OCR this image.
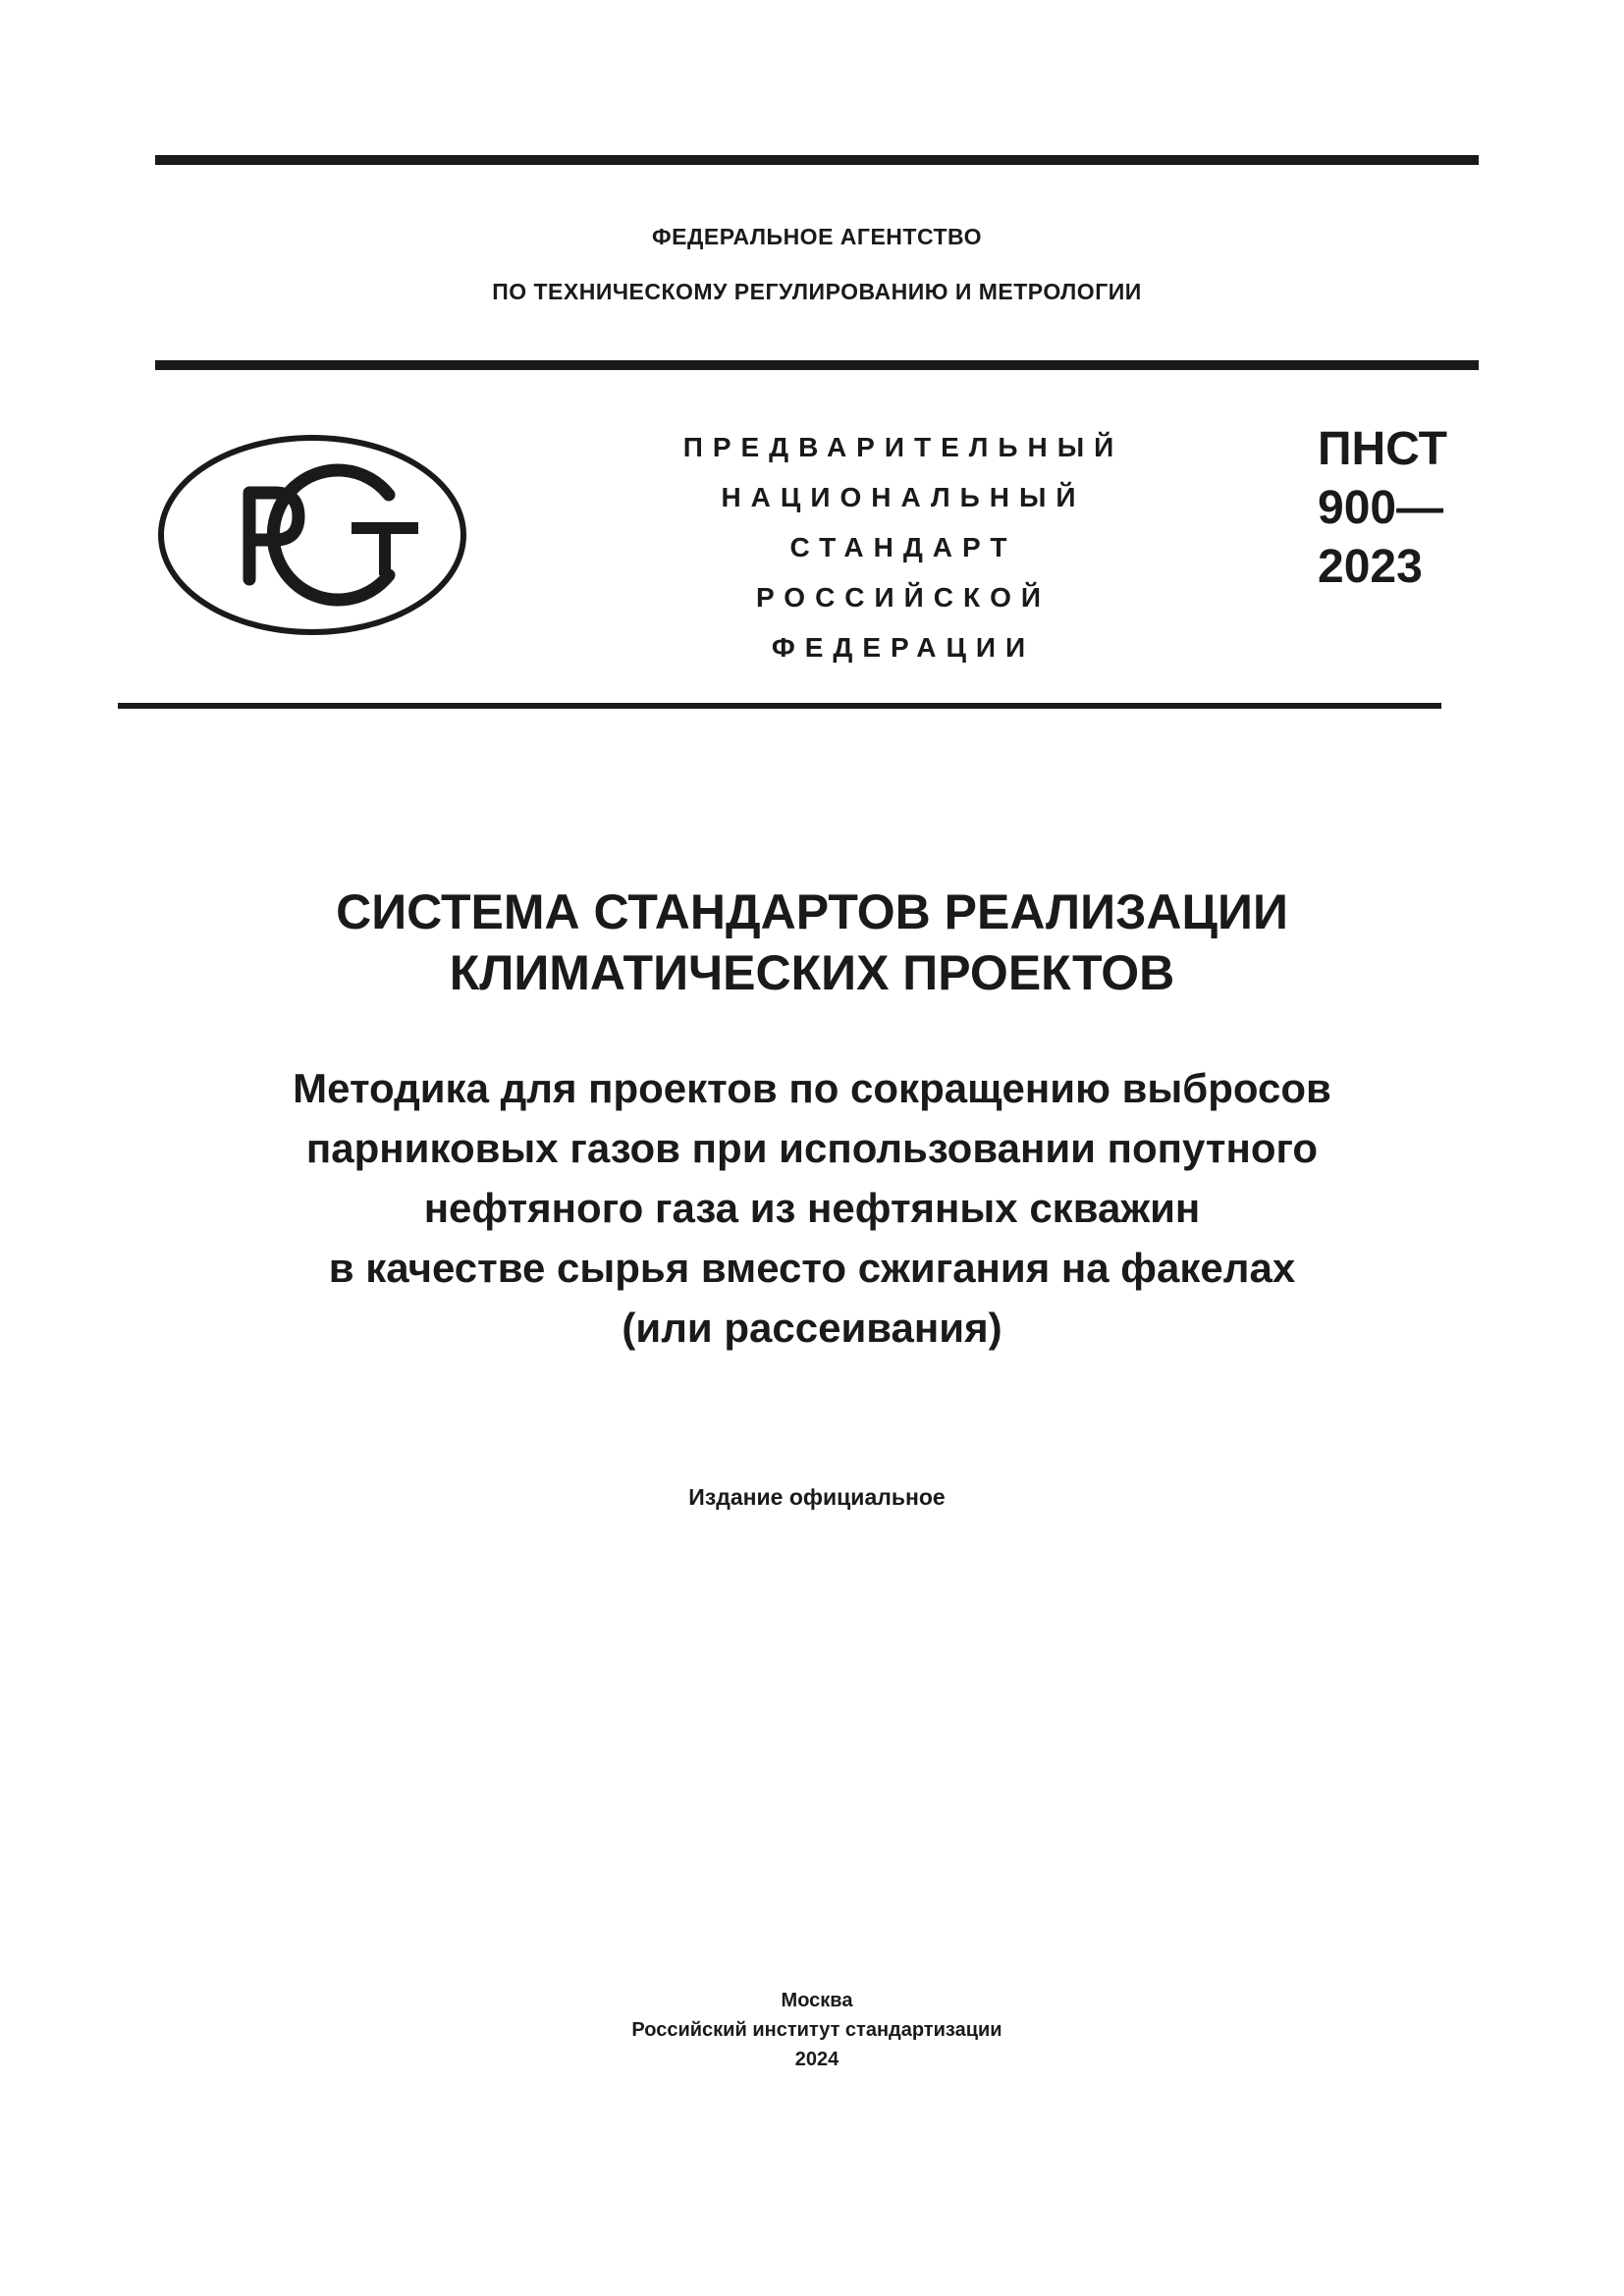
ФЕДЕРАЛЬНОЕ АГЕНТСТВО
ПО ТЕХНИЧЕСКОМУ РЕГУЛИРОВАНИЮ И МЕТРОЛОГИИ
ПРЕДВАРИТЕЛЬНЫЙ
НАЦИОНАЛЬНЫЙ
СТАНДАРТ
РОССИЙСКОЙ
ФЕДЕРАЦИИ
ПНСТ
900—
2023
СИСТЕМА СТАНДАРТОВ РЕАЛИЗАЦИИ
КЛИМАТИЧЕСКИХ ПРОЕКТОВ
Методика для проектов по сокращению выбросов
парниковых газов при использовании попутного
нефтяного газа из нефтяных скважин
в качестве сырья вместо сжигания на факелах
(или рассеивания)
Издание официальное
Москва
Российский институт стандартизации
2024
